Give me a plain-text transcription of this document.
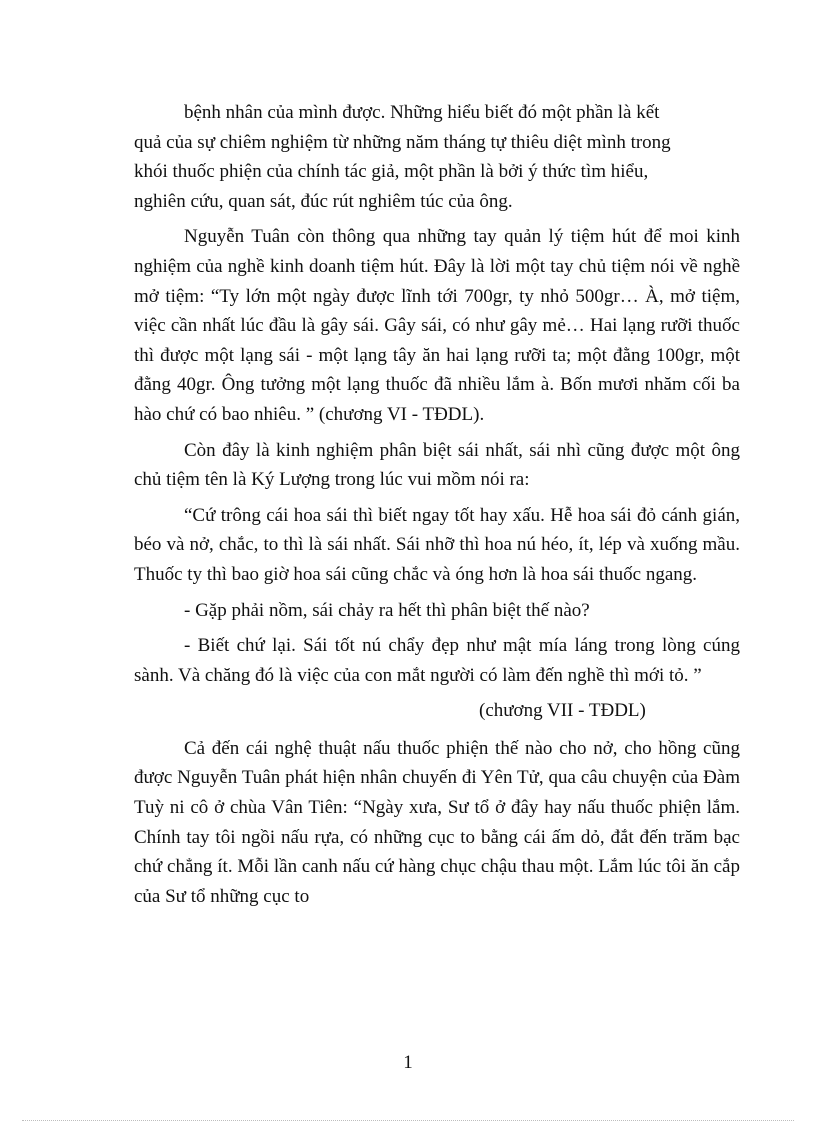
bệnh nhân của mình được. Những hiểu biết đó một phần là kết
quả của sự chiêm nghiệm từ những năm tháng tự thiêu diệt mình trong
khói thuốc phiện của chính tác giả, một phần là bởi ý thức tìm hiểu,
nghiên cứu, quan sát, đúc rút nghiêm túc của ông.

Nguyễn Tuân còn thông qua những tay quản lý tiệm hút để moi kinh nghiệm của nghề kinh doanh tiệm hút. Đây là lời một tay chủ tiệm nói về nghề mở tiệm: “Ty lớn một ngày được lĩnh tới 700gr, ty nhỏ 500gr… À, mở tiệm, việc cần nhất lúc đầu là gây sái. Gây sái, có như gây mẻ… Hai lạng rưỡi thuốc thì được một lạng sái - một lạng tây ăn hai lạng rưỡi ta; một đằng 100gr, một đằng 40gr. Ông tưởng một lạng thuốc đã nhiều lắm à. Bốn mươi nhăm cối ba hào chứ có bao nhiêu. ” (chương VI - TĐDL).

Còn đây là kinh nghiệm phân biệt sái nhất, sái nhì cũng được một ông chủ tiệm tên là Ký Lượng trong lúc vui mồm nói ra:

“Cứ trông cái hoa sái thì biết ngay tốt hay xấu. Hễ hoa sái đỏ cánh gián, béo và nở, chắc, to thì là sái nhất. Sái nhỡ thì hoa nú héo, ít, lép và xuống mầu. Thuốc ty thì bao giờ hoa sái cũng chắc và óng hơn là hoa sái thuốc ngang.

- Gặp phải nồm, sái chảy ra hết thì phân biệt thế nào?

- Biết chứ lại. Sái tốt nú chẩy đẹp như mật mía láng trong lòng cúng sành. Và chăng đó là việc của con mắt người có làm đến nghề thì mới tỏ. ”

(chương VII - TĐDL)

Cả đến cái nghệ thuật nấu thuốc phiện thế nào cho nở, cho hồng cũng được Nguyễn Tuân phát hiện nhân chuyến đi Yên Tử, qua câu chuyện của Đàm Tuỳ ni cô ở chùa Vân Tiên: “Ngày xưa, Sư tổ ở đây hay nấu thuốc phiện lắm. Chính tay tôi ngồi nấu rựa, có những cục to bằng cái ấm dỏ, đắt đến trăm bạc chứ chẳng ít. Mỗi lần canh nấu cứ hàng chục chậu thau một. Lắm lúc tôi ăn cắp của Sư tổ những cục to

1
